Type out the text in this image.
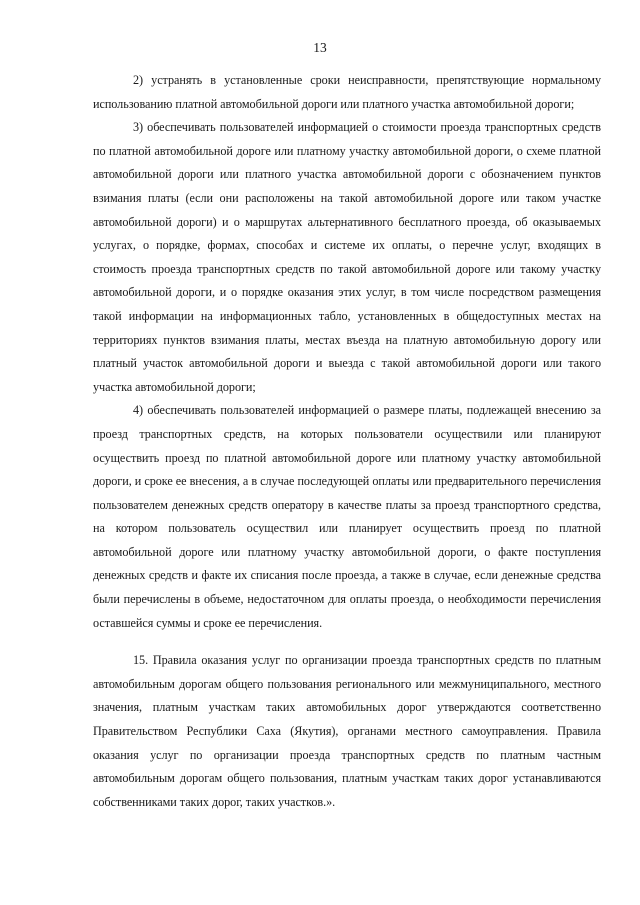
13

2) устранять в установленные сроки неисправности, препятствующие нормальному использованию платной автомобильной дороги или платного участка автомобильной дороги;

3) обеспечивать пользователей информацией о стоимости проезда транспортных средств по платной автомобильной дороге или платному участку автомобильной дороги, о схеме платной автомобильной дороги или платного участка автомобильной дороги с обозначением пунктов взимания платы (если они расположены на такой автомобильной дороге или таком участке автомобильной дороги) и о маршрутах альтернативного бесплатного проезда, об оказываемых услугах, о порядке, формах, способах и системе их оплаты, о перечне услуг, входящих в стоимость проезда транспортных средств по такой автомобильной дороге или такому участку автомобильной дороги, и о порядке оказания этих услуг, в том числе посредством размещения такой информации на информационных табло, установленных в общедоступных местах на территориях пунктов взимания платы, местах въезда на платную автомобильную дорогу или платный участок автомобильной дороги и выезда с такой автомобильной дороги или такого участка автомобильной дороги;

4) обеспечивать пользователей информацией о размере платы, подлежащей внесению за проезд транспортных средств, на которых пользователи осуществили или планируют осуществить проезд по платной автомобильной дороге или платному участку автомобильной дороги, и сроке ее внесения, а в случае последующей оплаты или предварительного перечисления пользователем денежных средств оператору в качестве платы за проезд транспортного средства, на котором пользователь осуществил или планирует осуществить проезд по платной автомобильной дороге или платному участку автомобильной дороги, о факте поступления денежных средств и факте их списания после проезда, а также в случае, если денежные средства были перечислены в объеме, недостаточном для оплаты проезда, о необходимости перечисления оставшейся суммы и сроке ее перечисления.

15. Правила оказания услуг по организации проезда транспортных средств по платным автомобильным дорогам общего пользования регионального или межмуниципального, местного значения, платным участкам таких автомобильных дорог утверждаются соответственно Правительством Республики Саха (Якутия), органами местного самоуправления. Правила оказания услуг по организации проезда транспортных средств по платным частным автомобильным дорогам общего пользования, платным участкам таких дорог устанавливаются собственниками таких дорог, таких участков.».
